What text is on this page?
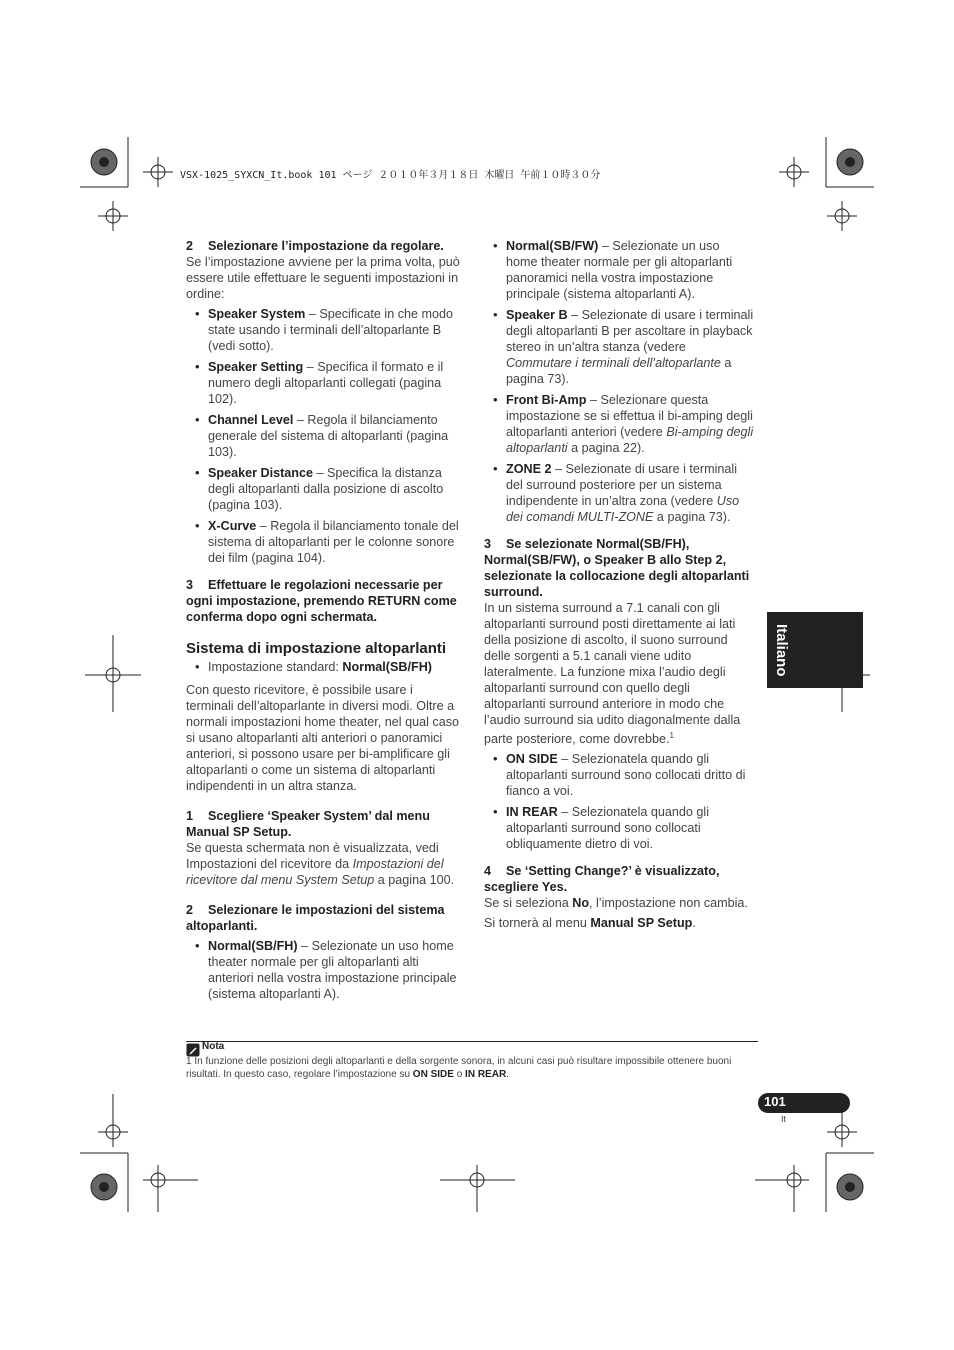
VSX-1025_SYXCN_It.book 101 ページ ２０１０年３月１８日 木曜日 午前１０時３０分

2 Selezionare l’impostazione da regolare.

Se l’impostazione avviene per la prima volta, può essere utile effettuare le seguenti impostazioni in ordine:

• Speaker System – Specificate in che modo state usando i terminali dell’altoparlante B (vedi sotto).
• Speaker Setting – Specifica il formato e il numero degli altoparlanti collegati (pagina 102).
• Channel Level – Regola il bilanciamento generale del sistema di altoparlanti (pagina 103).
• Speaker Distance – Specifica la distanza degli altoparlanti dalla posizione di ascolto (pagina 103).
• X-Curve – Regola il bilanciamento tonale del sistema di altoparlanti per le colonne sonore dei film (pagina 104).

3 Effettuare le regolazioni necessarie per ogni impostazione, premendo RETURN come conferma dopo ogni schermata.

Sistema di impostazione altoparlanti
• Impostazione standard: Normal(SB/FH)

Con questo ricevitore, è possibile usare i terminali dell’altoparlante in diversi modi. Oltre a normali impostazioni home theater, nel qual caso si usano altoparlanti alti anteriori o panoramici anteriori, si possono usare per bi-amplificare gli altoparlanti o come un sistema di altoparlanti indipendenti in un altra stanza.

1 Scegliere ‘Speaker System’ dal menu Manual SP Setup.

Se questa schermata non è visualizzata, vedi Impostazioni del ricevitore da Impostazioni del ricevitore dal menu System Setup a pagina 100.

2 Selezionare le impostazioni del sistema altoparlanti.

• Normal(SB/FH) – Selezionate un uso home theater normale per gli altoparlanti alti anteriori nella vostra impostazione principale (sistema altoparlanti A).
• Normal(SB/FW) – Selezionate un uso home theater normale per gli altoparlanti panoramici nella vostra impostazione principale (sistema altoparlanti A).
• Speaker B – Selezionate di usare i terminali degli altoparlanti B per ascoltare in playback stereo in un’altra stanza (vedere Commutare i terminali dell’altoparlante a pagina 73).
• Front Bi-Amp – Selezionare questa impostazione se si effettua il bi-amping degli altoparlanti anteriori (vedere Bi-amping degli altoparlanti a pagina 22).
• ZONE 2 – Selezionate di usare i terminali del surround posteriore per un sistema indipendente in un’altra zona (vedere Uso dei comandi MULTI-ZONE a pagina 73).

3 Se selezionate Normal(SB/FH), Normal(SB/FW), o Speaker B allo Step 2, selezionate la collocazione degli altoparlanti surround.

In un sistema surround a 7.1 canali con gli altoparlanti surround posti direttamente ai lati della posizione di ascolto, il suono surround delle sorgenti a 5.1 canali viene udito lateralmente. La funzione mixa l’audio degli altoparlanti surround con quello degli altoparlanti surround anteriore in modo che l’audio surround sia udito diagonalmente dalla parte posteriore, come dovrebbe.$^1$

• ON SIDE – Selezionatela quando gli altoparlanti surround sono collocati dritto di fianco a voi.
• IN REAR – Selezionatela quando gli altoparlanti surround sono collocati obliquamente dietro di voi.

4 Se ‘Setting Change?’ è visualizzato, scegliere Yes.

Se si seleziona No, l’impostazione non cambia.

Si tornerà al menu Manual SP Setup.

Italiano
Nota
1 In funzione delle posizioni degli altoparlanti e della sorgente sonora, in alcuni casi può risultare impossibile ottenere buoni risultati. In questo caso, regolare l’impostazione su ON SIDE o IN REAR.
101
It
